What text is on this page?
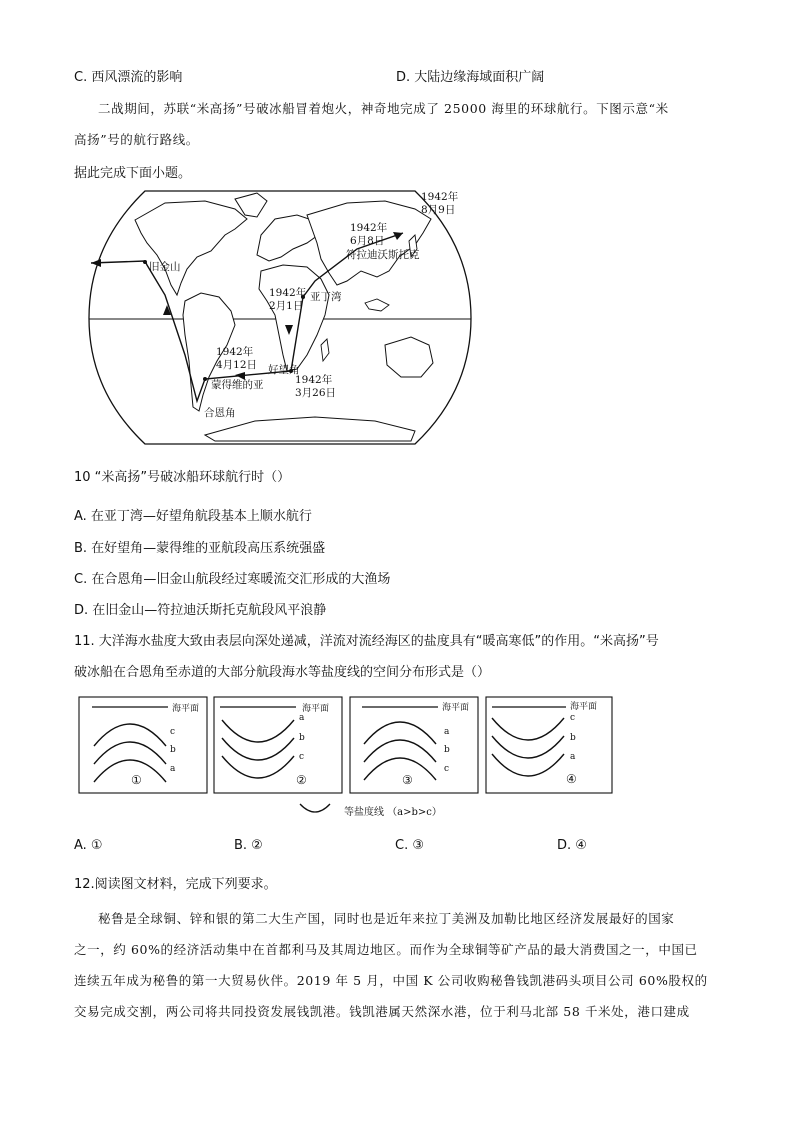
C. 西风漂流的影响	D. 大陆边缘海域面积广阔
二战期间，苏联“米高扬”号破冰船冒着炮火，神奇地完成了 25000 海里的环球航行。下图示意“米
高扬”号的航行路线。
据此完成下面小题。
1942年
8月9日
1942年
6月8日
符拉迪沃斯托克
旧金山
1942年
2月1日
亚丁湾
1942年
4月12日 好望角
蒙得维的亚	1942年
3月26日
合恩角
10 “米高扬”号破冰船环球航行时（）
A. 在亚丁湾—好望角航段基本上顺水航行
B. 在好望角—蒙得维的亚航段高压系统强盛
C. 在合恩角—旧金山航段经过寒暖流交汇形成的大渔场
D. 在旧金山—符拉迪沃斯托克航段风平浪静
11. 大洋海水盐度大致由表层向深处递减，洋流对流经海区的盐度具有“暖高寒低”的作用。“米高扬”号
破冰船在合恩角至赤道的大部分航段海水等盐度线的空间分布形式是（）
海平面
c
b
a
①
海平面
a
b
c
②
海平面
a
b
c
③
海平面
c
b
a
④
等盐度线 （a>b>c）
A. ①	B. ②	C. ③	D. ④
12.阅读图文材料，完成下列要求。
秘鲁是全球铜、锌和银的第二大生产国，同时也是近年来拉丁美洲及加勒比地区经济发展最好的国家
之一，约 60%的经济活动集中在首都利马及其周边地区。而作为全球铜等矿产品的最大消费国之一，中国已
连续五年成为秘鲁的第一大贸易伙伴。2019 年 5 月，中国 K 公司收购秘鲁钱凯港码头项目公司 60%股权的
交易完成交割，两公司将共同投资发展钱凯港。钱凯港属天然深水港，位于利马北部 58 千米处，港口建成
